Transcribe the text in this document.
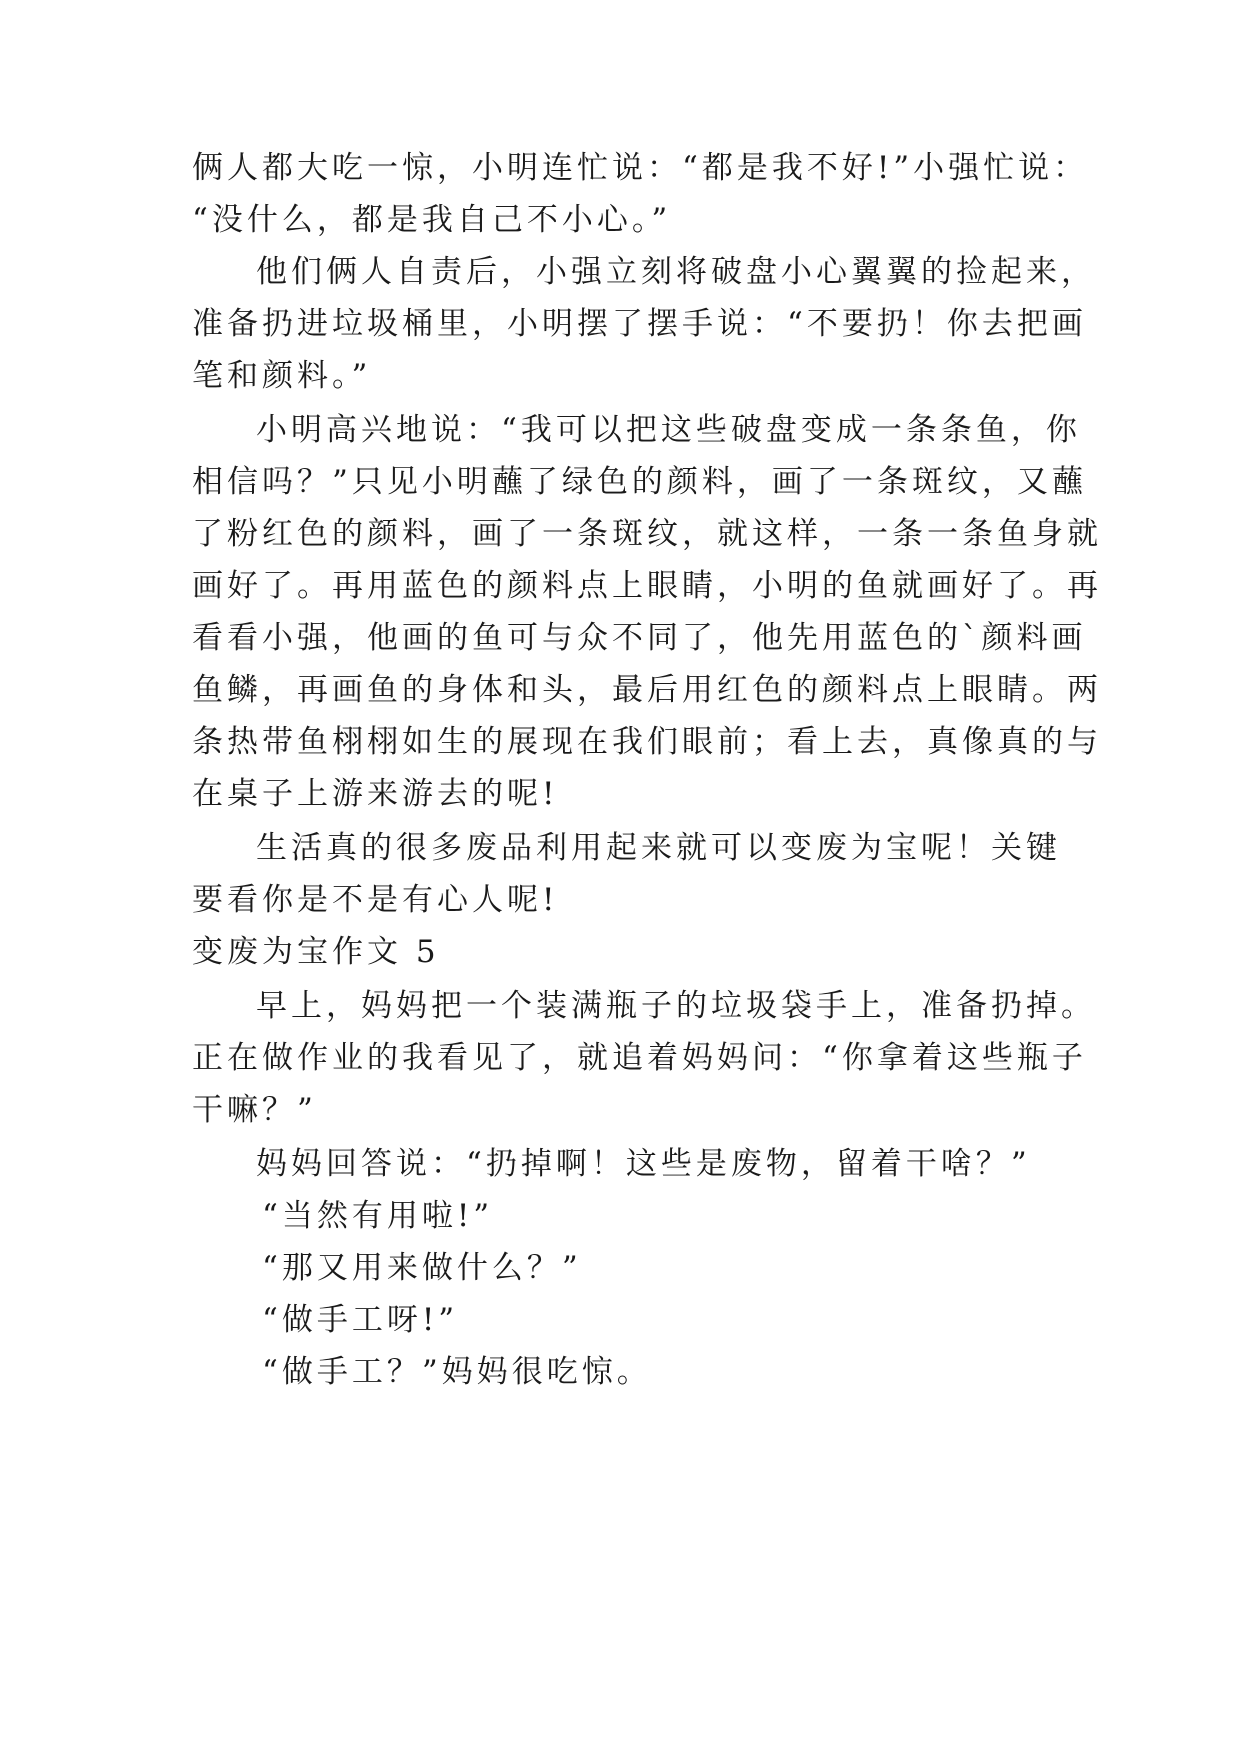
俩人都大吃一惊，小明连忙说：“都是我不好!”小强忙说：
“没什么，都是我自己不小心。”
他们俩人自责后，小强立刻将破盘小心翼翼的捡起来，
准备扔进垃圾桶里，小明摆了摆手说：“不要扔！你去把画
笔和颜料。”
小明高兴地说：“我可以把这些破盘变成一条条鱼，你
相信吗？”只见小明蘸了绿色的颜料，画了一条斑纹，又蘸
了粉红色的颜料，画了一条斑纹，就这样，一条一条鱼身就
画好了。再用蓝色的颜料点上眼睛，小明的鱼就画好了。再
看看小强，他画的鱼可与众不同了，他先用蓝色的`颜料画
鱼鳞，再画鱼的身体和头，最后用红色的颜料点上眼睛。两
条热带鱼栩栩如生的展现在我们眼前；看上去，真像真的与
在桌子上游来游去的呢!
生活真的很多废品利用起来就可以变废为宝呢！关键
要看你是不是有心人呢!
变废为宝作文 5
早上，妈妈把一个装满瓶子的垃圾袋手上，准备扔掉。
正在做作业的我看见了，就追着妈妈问：“你拿着这些瓶子
干嘛？”
妈妈回答说：“扔掉啊！这些是废物，留着干啥？”
“当然有用啦!”
“那又用来做什么？”
“做手工呀!”
“做手工？”妈妈很吃惊。
